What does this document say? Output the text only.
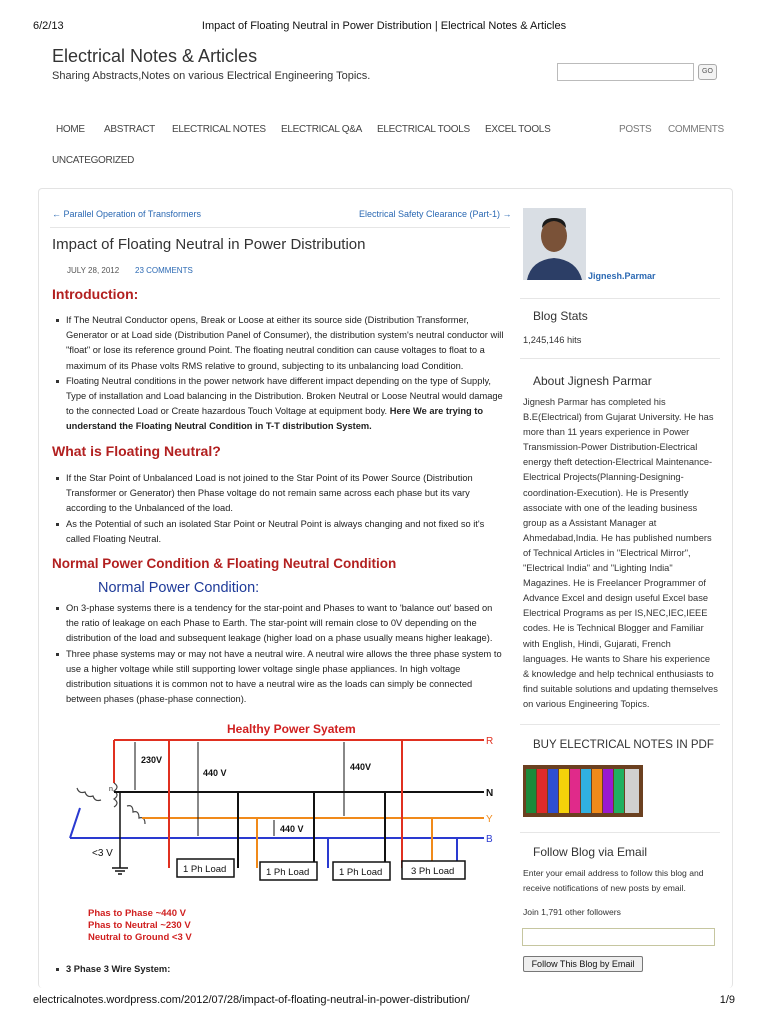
6/2/13	Impact of Floating Neutral in Power Distribution | Electrical Notes & Articles
Electrical Notes & Articles
Sharing Abstracts,Notes on various Electrical Engineering Topics.	GO
HOME ABSTRACT ELECTRICAL NOTES ELECTRICAL Q&A ELECTRICAL TOOLS EXCEL TOOLS	POSTS COMMENTS
UNCATEGORIZED
← Parallel Operation of Transformers	Electrical Safety Clearance (Part-1) →
Impact of Floating Neutral in Power Distribution
JULY 28, 2012 23 COMMENTS
Introduction:
If The Neutral Conductor opens, Break or Loose at either its source side (Distribution Transformer, Generator or at Load side (Distribution Panel of Consumer), the distribution system's neutral conductor will "float" or lose its reference ground Point. The floating neutral condition can cause voltages to float to a maximum of its Phase volts RMS relative to ground, subjecting to its unbalancing load Condition.
Floating Neutral conditions in the power network have different impact depending on the type of Supply, Type of installation and Load balancing in the Distribution. Broken Neutral or Loose Neutral would damage to the connected Load or Create hazardous Touch Voltage at equipment body. Here We are trying to understand the Floating Neutral Condition in T-T distribution System.
What is Floating Neutral?
If the Star Point of Unbalanced Load is not joined to the Star Point of its Power Source (Distribution Transformer or Generator) then Phase voltage do not remain same across each phase but its vary according to the Unbalanced of the load.
As the Potential of such an isolated Star Point or Neutral Point is always changing and not fixed so it's called Floating Neutral.
Normal Power Condition & Floating Neutral Condition
Normal Power Condition:
On 3-phase systems there is a tendency for the star-point and Phases to want to 'balance out' based on the ratio of leakage on each Phase to Earth. The star-point will remain close to 0V depending on the distribution of the load and subsequent leakage (higher load on a phase usually means higher leakage).
Three phase systems may or may not have a neutral wire. A neutral wire allows the three phase system to use a higher voltage while still supporting lower voltage single phase appliances. In high voltage distribution situations it is common not to have a neutral wire as the loads can simply be connected between phases (phase-phase connection).
Healthy Power Syatem
R
n	N
Y
B
<3 V
230V
440 V
440V
440 V
1 Ph Load	1 Ph Load	1 Ph Load	3 Ph Load
Phas to Phase ~440 V
Phas to Neutral ~230 V
Neutral to Ground <3 V
3 Phase 3 Wire System:
Jignesh.Parmar
Blog Stats
1,245,146 hits
About Jignesh Parmar
Jignesh Parmar has completed his B.E(Electrical) from Gujarat University. He has more than 11 years experience in Power Transmission-Power Distribution-Electrical energy theft detection-Electrical Maintenance-Electrical Projects(Planning-Designing-coordination-Execution). He is Presently associate with one of the leading business group as a Assistant Manager at Ahmedabad,India. He has published numbers of Technical Articles in "Electrical Mirror", "Electrical India" and "Lighting India" Magazines. He is Freelancer Programmer of Advance Excel and design useful Excel base Electrical Programs as per IS,NEC,IEC,IEEE codes. He is Technical Blogger and Familiar with English, Hindi, Gujarati, French languages. He wants to Share his experience & knowledge and help technical enthusiasts to find suitable solutions and updating themselves on various Engineering Topics.
BUY ELECTRICAL NOTES IN PDF
Follow Blog via Email
Enter your email address to follow this blog and receive notifications of new posts by email.
Join 1,791 other followers
Follow This Blog by Email
electricalnotes.wordpress.com/2012/07/28/impact-of-floating-neutral-in-power-distribution/	1/9
